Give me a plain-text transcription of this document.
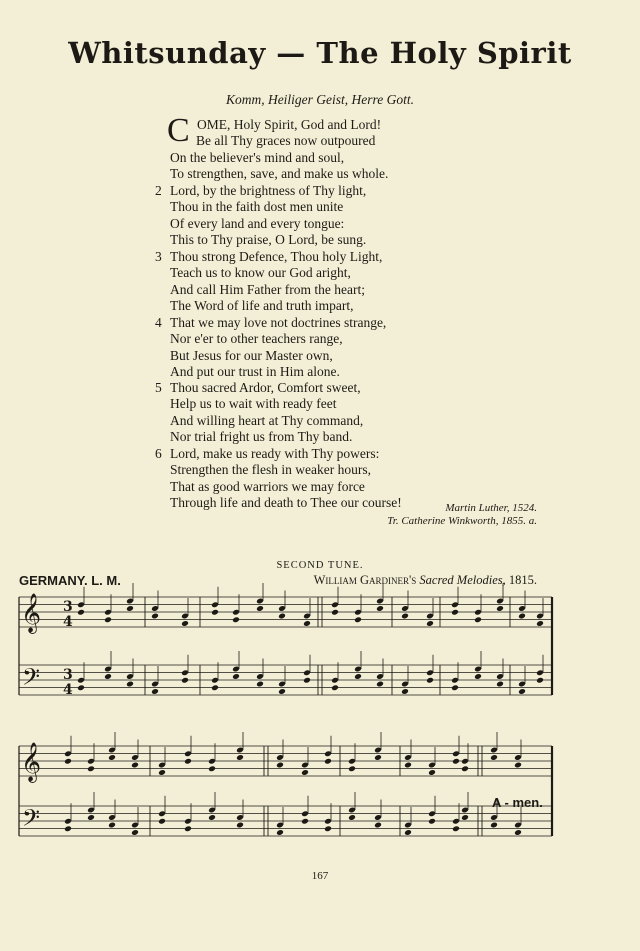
Whitsunday — The Holy Spirit
Komm, Heiliger Geist, Herre Gott.
C OME, Holy Spirit, God and Lord!
Be all Thy graces now outpoured
On the believer's mind and soul,
To strengthen, save, and make us whole.
2 Lord, by the brightness of Thy light,
Thou in the faith dost men unite
Of every land and every tongue:
This to Thy praise, O Lord, be sung.
3 Thou strong Defence, Thou holy Light,
Teach us to know our God aright,
And call Him Father from the heart;
The Word of life and truth impart,
4 That we may love not doctrines strange,
Nor e'er to other teachers range,
But Jesus for our Master own,
And put our trust in Him alone.
5 Thou sacred Ardor, Comfort sweet,
Help us to wait with ready feet
And willing heart at Thy command,
Nor trial fright us from Thy band.
6 Lord, make us ready with Thy powers:
Strengthen the flesh in weaker hours,
That as good warriors we may force
Through life and death to Thee our course!	Martin Luther, 1524.
Tr. Catherine Winkworth, 1855. a.
SECOND TUNE.
GERMANY. L. M.	William Gardiner's Sacred Melodies, 1815.
𝄞
𝄢
3
4
3
4
𝄞
𝄢
A - men.
167
